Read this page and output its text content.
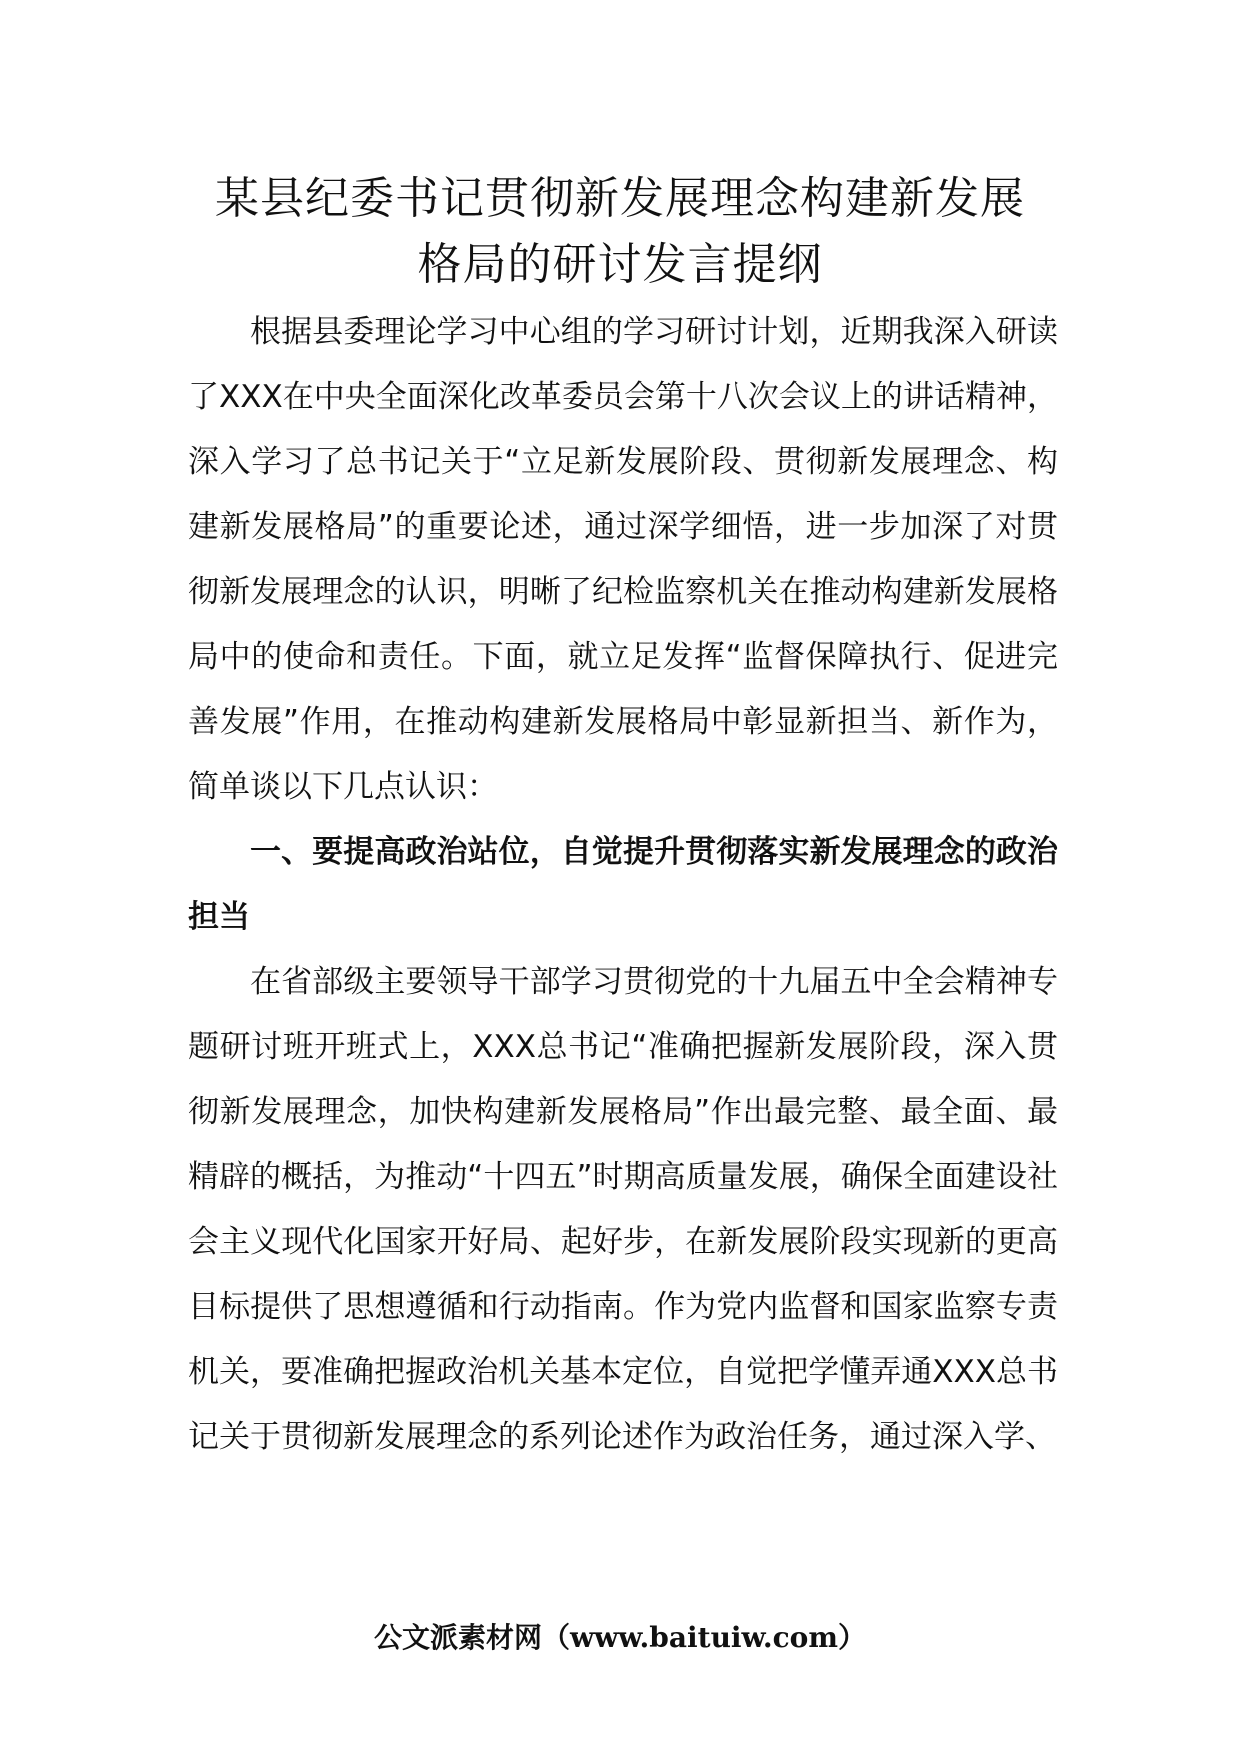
某县纪委书记贯彻新发展理念构建新发展
格局的研讨发言提纲

根据县委理论学习中心组的学习研讨计划，近期我深入研读了XXX在中央全面深化改革委员会第十八次会议上的讲话精神，深入学习了总书记关于“立足新发展阶段、贯彻新发展理念、构建新发展格局”的重要论述，通过深学细悟，进一步加深了对贯彻新发展理念的认识，明晰了纪检监察机关在推动构建新发展格局中的使命和责任。下面，就立足发挥“监督保障执行、促进完善发展”作用，在推动构建新发展格局中彰显新担当、新作为，简单谈以下几点认识：

一、要提高政治站位，自觉提升贯彻落实新发展理念的政治担当

在省部级主要领导干部学习贯彻党的十九届五中全会精神专题研讨班开班式上，XXX总书记“准确把握新发展阶段，深入贯彻新发展理念，加快构建新发展格局”作出最完整、最全面、最精辟的概括，为推动“十四五”时期高质量发展，确保全面建设社会主义现代化国家开好局、起好步，在新发展阶段实现新的更高目标提供了思想遵循和行动指南。作为党内监督和国家监察专责机关，要准确把握政治机关基本定位，自觉把学懂弄通XXX总书记关于贯彻新发展理念的系列论述作为政治任务，通过深入学、

公文派素材网（www.baituiw.com）
